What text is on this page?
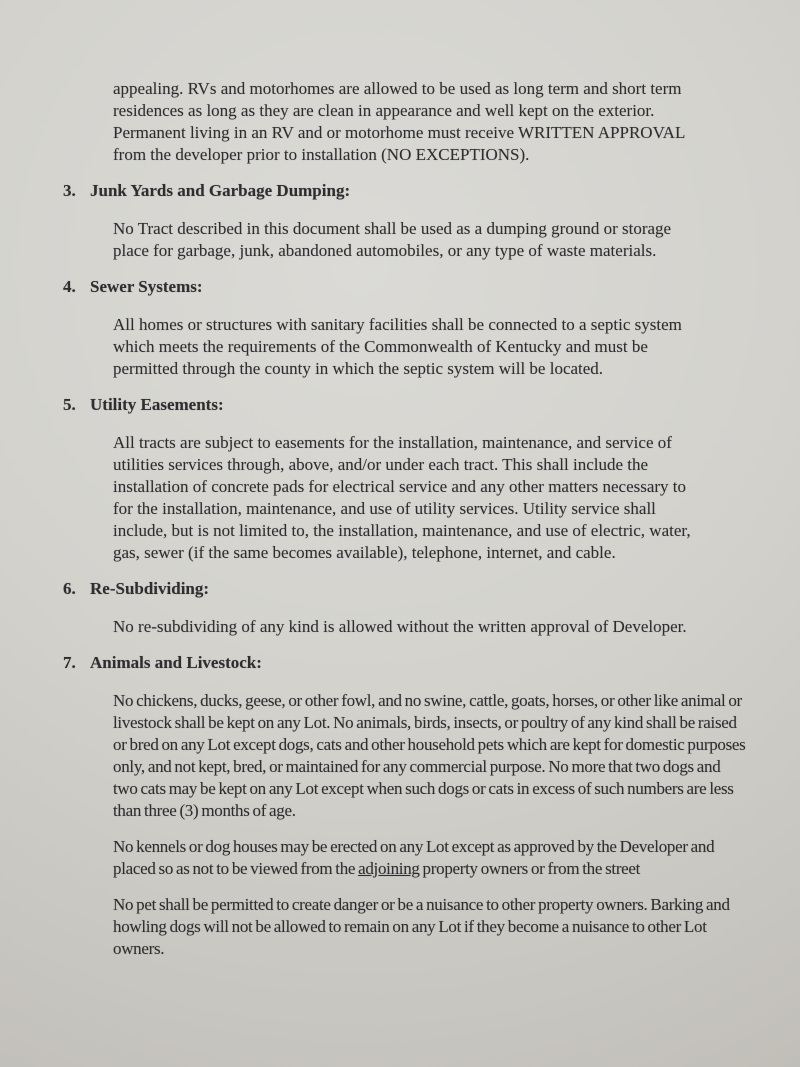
appealing. RVs and motorhomes are allowed to be used as long term and short term residences as long as they are clean in appearance and well kept on the exterior. Permanent living in an RV and or motorhome must receive WRITTEN APPROVAL from the developer prior to installation (NO EXCEPTIONS).

3. Junk Yards and Garbage Dumping:

No Tract described in this document shall be used as a dumping ground or storage place for garbage, junk, abandoned automobiles, or any type of waste materials.

4. Sewer Systems:

All homes or structures with sanitary facilities shall be connected to a septic system which meets the requirements of the Commonwealth of Kentucky and must be permitted through the county in which the septic system will be located.

5. Utility Easements:

All tracts are subject to easements for the installation, maintenance, and service of utilities services through, above, and/or under each tract. This shall include the installation of concrete pads for electrical service and any other matters necessary to for the installation, maintenance, and use of utility services. Utility service shall include, but is not limited to, the installation, maintenance, and use of electric, water, gas, sewer (if the same becomes available), telephone, internet, and cable.

6. Re-Subdividing:

No re-subdividing of any kind is allowed without the written approval of Developer.

7. Animals and Livestock:

No chickens, ducks, geese, or other fowl, and no swine, cattle, goats, horses, or other like animal or livestock shall be kept on any Lot. No animals, birds, insects, or poultry of any kind shall be raised or bred on any Lot except dogs, cats and other household pets which are kept for domestic purposes only, and not kept, bred, or maintained for any commercial purpose. No more that two dogs and two cats may be kept on any Lot except when such dogs or cats in excess of such numbers are less than three (3) months of age.

No kennels or dog houses may be erected on any Lot except as approved by the Developer and placed so as not to be viewed from the adjoining property owners or from the street

No pet shall be permitted to create danger or be a nuisance to other property owners. Barking and howling dogs will not be allowed to remain on any Lot if they become a nuisance to other Lot owners.
